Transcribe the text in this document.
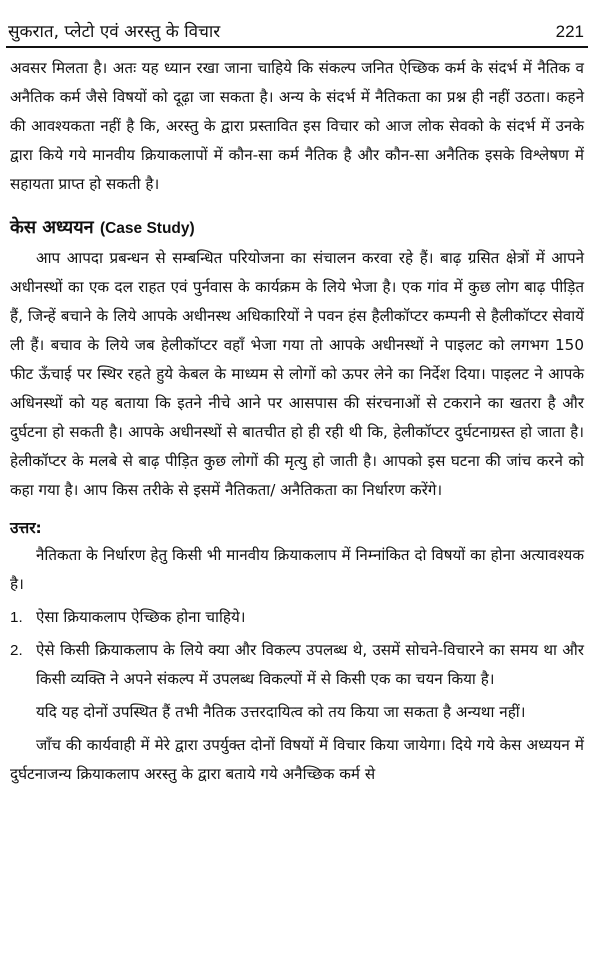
सुकरात, प्लेटो एवं अरस्तु के विचार	221

अवसर मिलता है। अतः यह ध्यान रखा जाना चाहिये कि संकल्प जनित ऐच्छिक कर्म के संदर्भ में नैतिक व अनैतिक कर्म जैसे विषयों को दूढ़ा जा सकता है। अन्य के संदर्भ में नैतिकता का प्रश्न ही नहीं उठता। कहने की आवश्यकता नहीं है कि, अरस्तु के द्वारा प्रस्तावित इस विचार को आज लोक सेवको के संदर्भ में उनके द्वारा किये गये मानवीय क्रियाकलापों में कौन-सा कर्म नैतिक है और कौन-सा अनैतिक इसके विश्लेषण में सहायता प्राप्त हो सकती है।

केस अध्ययन (Case Study)

आप आपदा प्रबन्धन से सम्बन्धित परियोजना का संचालन करवा रहे हैं। बाढ़ ग्रसित क्षेत्रों में आपने अधीनस्थों का एक दल राहत एवं पुर्नवास के कार्यक्रम के लिये भेजा है। एक गांव में कुछ लोग बाढ़ पीड़ित हैं, जिन्हें बचाने के लिये आपके अधीनस्थ अधिकारियों ने पवन हंस हैलीकॉप्टर कम्पनी से हैलीकॉप्टर सेवायें ली हैं। बचाव के लिये जब हेलीकॉप्टर वहाँ भेजा गया तो आपके अधीनस्थों ने पाइलट को लगभग 150 फीट ऊँचाई पर स्थिर रहते हुये केबल के माध्यम से लोगों को ऊपर लेने का निर्देश दिया। पाइलट ने आपके अधिनस्थों को यह बताया कि इतने नीचे आने पर आसपास की संरचनाओं से टकराने का खतरा है और दुर्घटना हो सकती है। आपके अधीनस्थों से बातचीत हो ही रही थी कि, हेलीकॉप्टर दुर्घटनाग्रस्त हो जाता है। हेलीकॉप्टर के मलबे से बाढ़ पीड़ित कुछ लोगों की मृत्यु हो जाती है। आपको इस घटना की जांच करने को कहा गया है। आप किस तरीके से इसमें नैतिकता/ अनैतिकता का निर्धारण करेंगे।

उत्तर:

नैतिकता के निर्धारण हेतु किसी भी मानवीय क्रियाकलाप में निम्नांकित दो विषयों का होना अत्यावश्यक है।

1. ऐसा क्रियाकलाप ऐच्छिक होना चाहिये।
2. ऐसे किसी क्रियाकलाप के लिये क्या और विकल्प उपलब्ध थे, उसमें सोचने-विचारने का समय था और किसी व्यक्ति ने अपने संकल्प में उपलब्ध विकल्पों में से किसी एक का चयन किया है।

यदि यह दोनों उपस्थित हैं तभी नैतिक उत्तरदायित्व को तय किया जा सकता है अन्यथा नहीं।

जाँच की कार्यवाही में मेरे द्वारा उपर्युक्त दोनों विषयों में विचार किया जायेगा। दिये गये केस अध्ययन में दुर्घटनाजन्य क्रियाकलाप अरस्तु के द्वारा बताये गये अनैच्छिक कर्म से
